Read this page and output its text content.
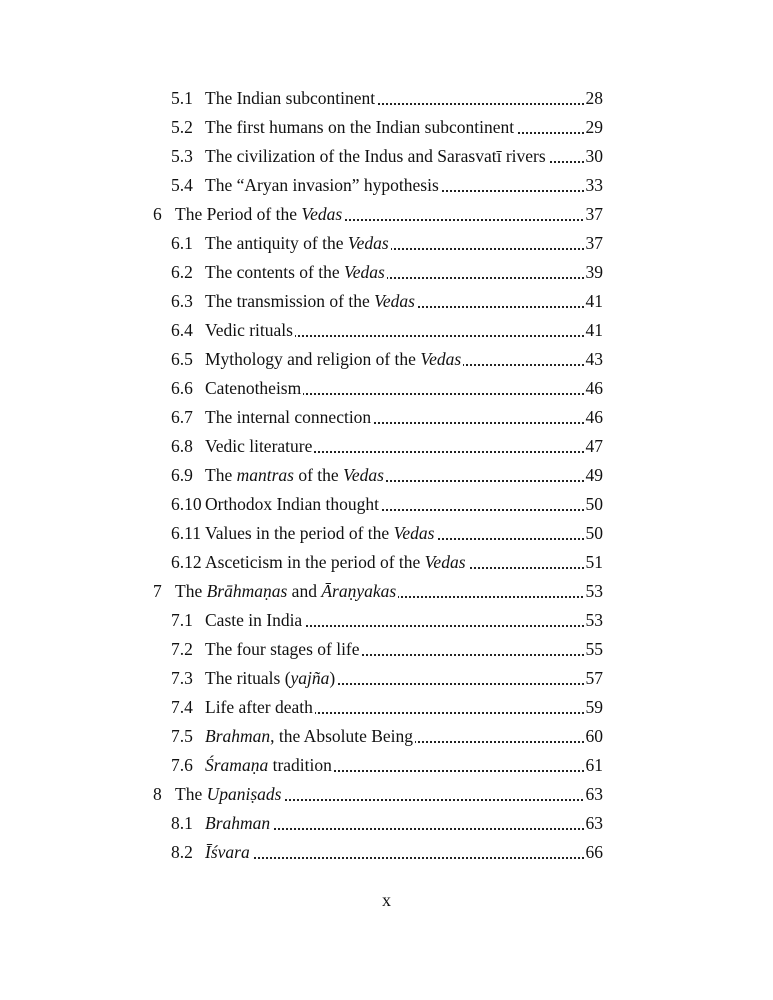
5.1 The Indian subcontinent	28
5.2 The first humans on the Indian subcontinent	29
5.3 The civilization of the Indus and Sarasvatī rivers 30
5.4 The “Aryan invasion” hypothesis	33
6 The Period of the Vedas	37
6.1 The antiquity of the Vedas	37
6.2 The contents of the Vedas	39
6.3 The transmission of the Vedas	41
6.4 Vedic rituals	41
6.5 Mythology and religion of the Vedas	43
6.6 Catenotheism	46
6.7 The internal connection	46
6.8 Vedic literature	47
6.9 The mantras of the Vedas	49
6.10 Orthodox Indian thought	50
6.11 Values in the period of the Vedas	50
6.12 Asceticism in the period of the Vedas	51
7 The Brāhmaṇas and Āraṇyakas	53
7.1 Caste in India	53
7.2 The four stages of life	55
7.3 The rituals (yajña)	57
7.4 Life after death	59
7.5 Brahman, the Absolute Being	60
7.6 Śramaṇa tradition	61
8 The Upaniṣads	63
8.1 Brahman	63
8.2 Īśvara	66
x
